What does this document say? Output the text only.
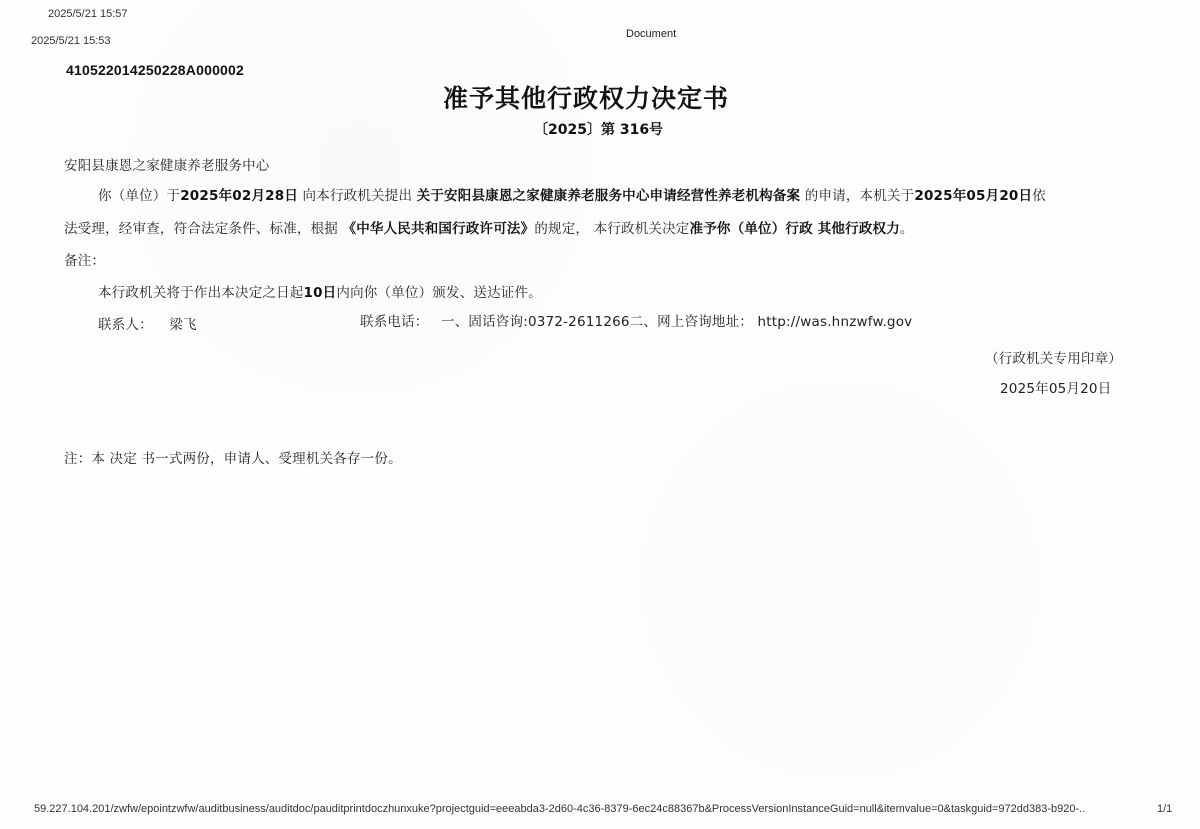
2025/5/21 15:57
2025/5/21 15:53
Document
410522014250228A000002
准予其他行政权力决定书
〔2025〕第 316号
安阳县康恩之家健康养老服务中心
你（单位）于2025年02月28日 向本行政机关提出 关于安阳县康恩之家健康养老服务中心申请经营性养老机构备案 的申请，本机关于2025年05月20日依
法受理，经审查，符合法定条件、标准，根据 《中华人民共和国行政许可法》的规定， 本行政机关决定准予你（单位）行政 其他行政权力。
备注：
本行政机关将于作出本决定之日起10日内向你（单位）颁发、送达证件。
联系人： 梁飞	联系电话： 一、固话咨询:0372-2611266二、网上咨询地址： http://was.hnzwfw.gov
（行政机关专用印章）
2025年05月20日
注：本 决定 书一式两份，申请人、受理机关各存一份。
59.227.104.201/zwfw/epointzwfw/auditbusiness/auditdoc/pauditprintdoczhunxuke?projectguid=eeeabda3-2d60-4c36-8379-6ec24c88367b&ProcessVersionInstanceGuid=null&itemvalue=0&taskguid=972dd383-b920-..	1/1
